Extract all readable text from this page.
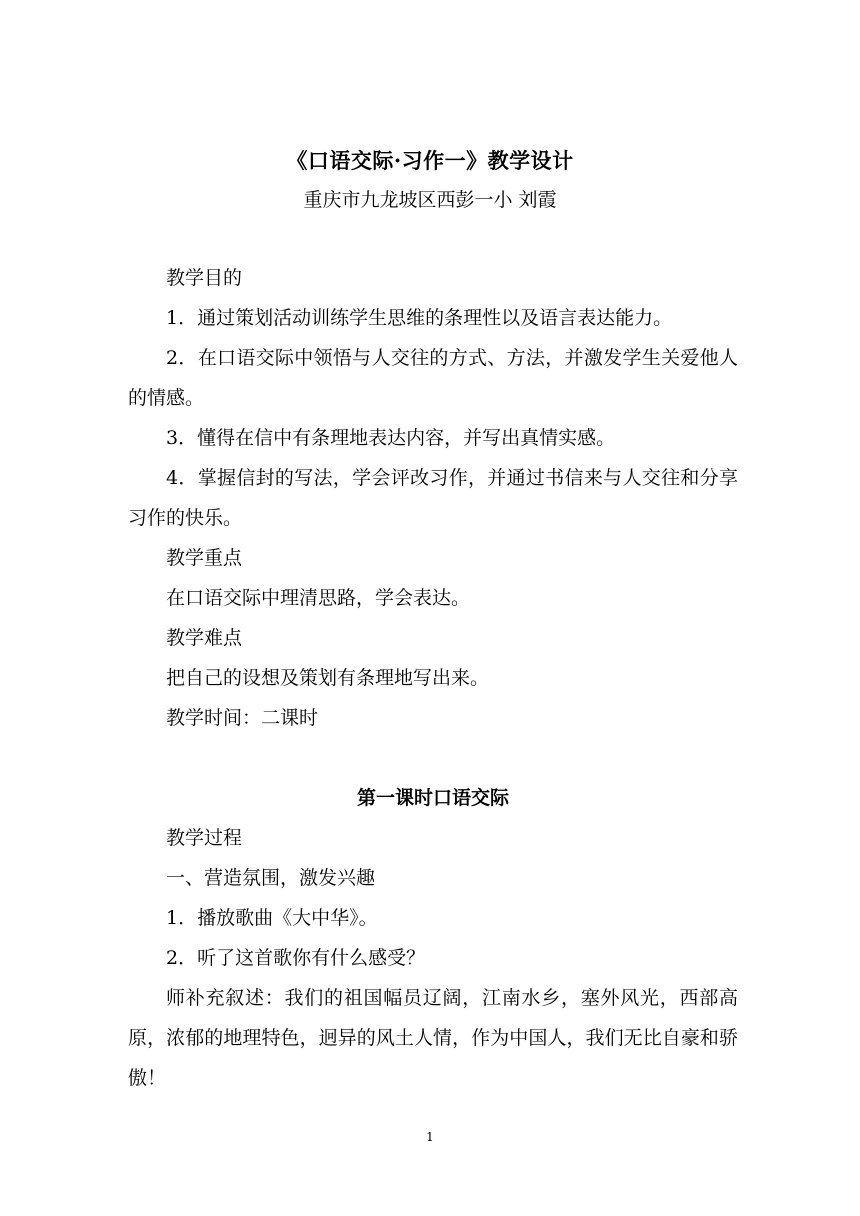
《口语交际·习作一》教学设计
重庆市九龙坡区西彭一小 刘霞

教学目的

1．通过策划活动训练学生思维的条理性以及语言表达能力。

2．在口语交际中领悟与人交往的方式、方法，并激发学生关爱他人的情感。

3．懂得在信中有条理地表达内容，并写出真情实感。

4．掌握信封的写法，学会评改习作，并通过书信来与人交往和分享习作的快乐。

教学重点

在口语交际中理清思路，学会表达。

教学难点

把自己的设想及策划有条理地写出来。

教学时间：二课时

第一课时口语交际

教学过程

一、营造氛围，激发兴趣

1．播放歌曲《大中华》。

2．听了这首歌你有什么感受？

师补充叙述：我们的祖国幅员辽阔，江南水乡，塞外风光，西部高原，浓郁的地理特色，迥异的风土人情，作为中国人，我们无比自豪和骄傲！

1
